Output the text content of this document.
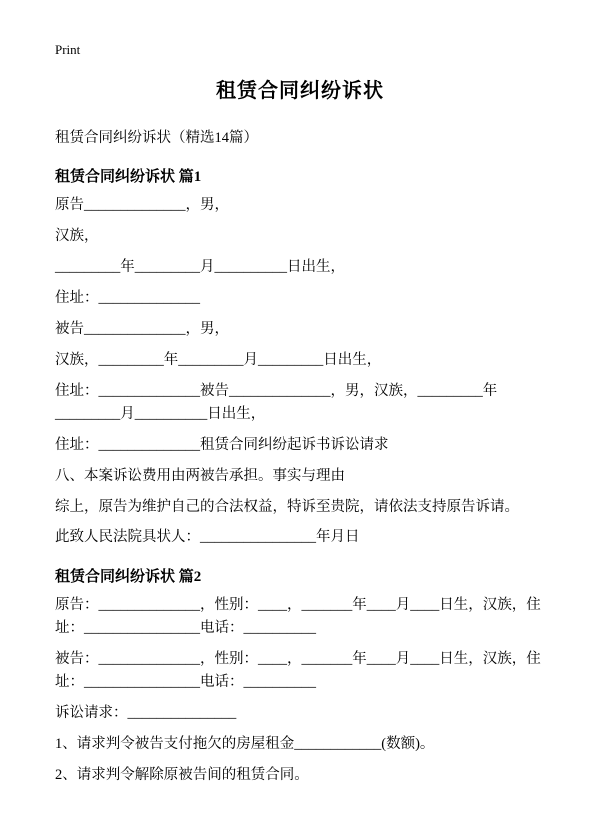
Print
租赁合同纠纷诉状

租赁合同纠纷诉状（精选14篇）

租赁合同纠纷诉状 篇1

原告______________，男，

汉族，

_________年_________月__________日出生，

住址：______________

被告______________，男，

汉族，_________年_________月_________日出生，

住址：______________被告______________，男，汉族，_________年_________月__________日出生，

住址：______________租赁合同纠纷起诉书诉讼请求

八、本案诉讼费用由两被告承担。事实与理由

综上，原告为维护自己的合法权益，特诉至贵院，请依法支持原告诉请。

此致人民法院具状人：________________年月日

租赁合同纠纷诉状 篇2

原告：______________，性别：____，_______年____月____日生，汉族，住址：________________电话：__________

被告：______________，性别：____，_______年____月____日生，汉族，住址：________________电话：__________

诉讼请求：_______________

1、请求判令被告支付拖欠的房屋租金____________(数额)。

2、请求判令解除原被告间的租赁合同。
